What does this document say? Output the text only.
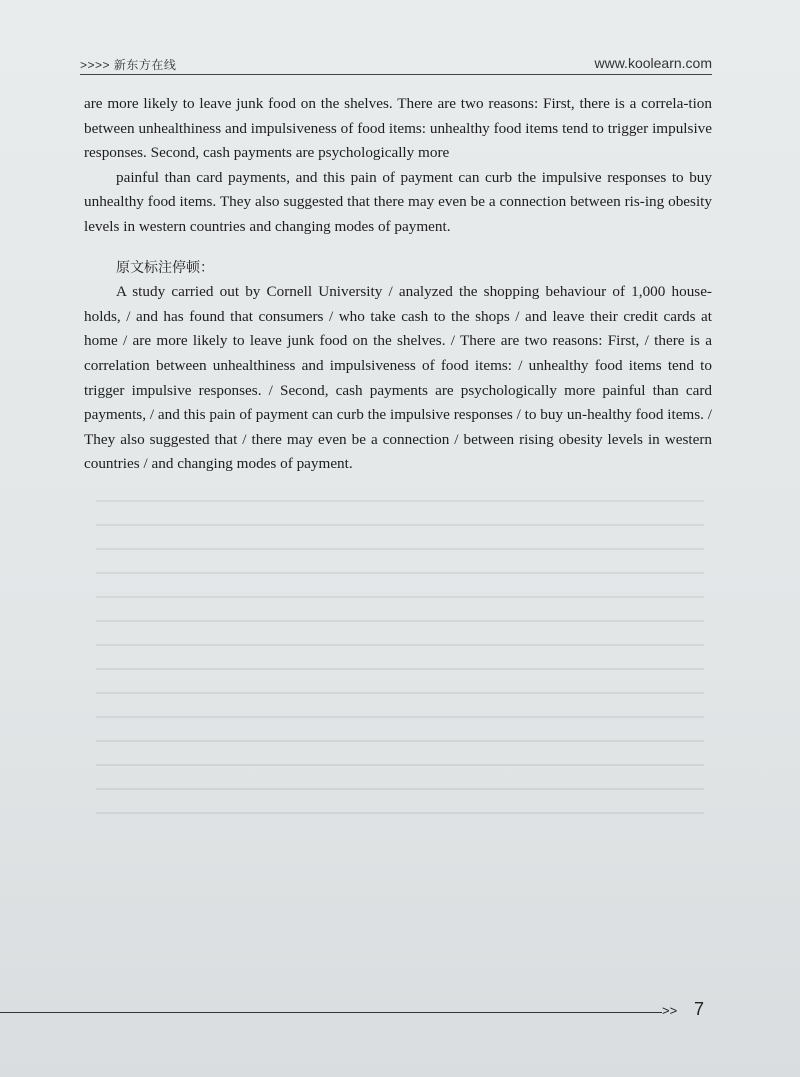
>>>> 新东方在线	www.koolearn.com

are more likely to leave junk food on the shelves. There are two reasons: First, there is a correla-tion between unhealthiness and impulsiveness of food items: unhealthy food items tend to trigger impulsive responses. Second, cash payments are psychologically more

painful than card payments, and this pain of payment can curb the impulsive responses to buy unhealthy food items. They also suggested that there may even be a connection between ris-ing obesity levels in western countries and changing modes of payment.

原文标注停顿：

A study carried out by Cornell University / analyzed the shopping behaviour of 1,000 house-holds, / and has found that consumers / who take cash to the shops / and leave their credit cards at home / are more likely to leave junk food on the shelves. / There are two reasons: First, / there is a correlation between unhealthiness and impulsiveness of food items: / unhealthy food items tend to trigger impulsive responses. / Second, cash payments are psychologically more painful than card payments, / and this pain of payment can curb the impulsive responses / to buy un-healthy food items. / They also suggested that / there may even be a connection / between rising obesity levels in western countries / and changing modes of payment.

>> 7
